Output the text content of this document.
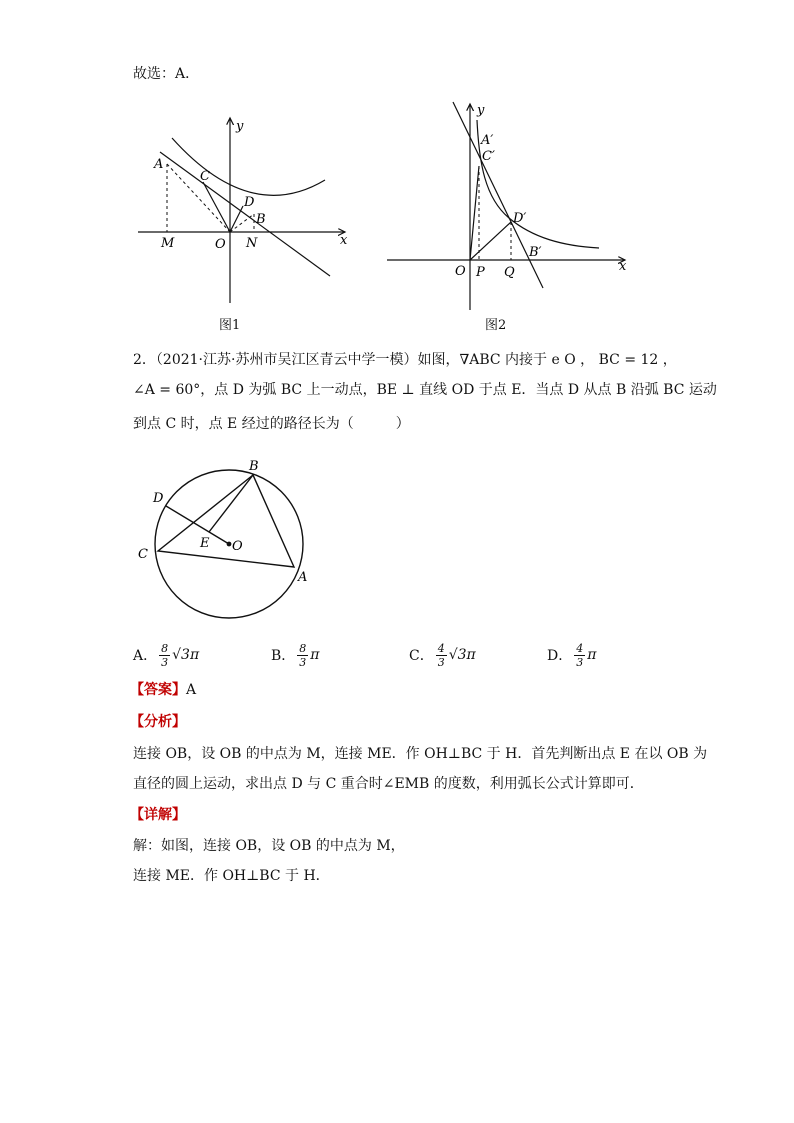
故选：A．
y
x
A
C
D
B
M	O N
图1
y
x
A′
C′
D′
B′
O P Q
图2
2．（2021·江苏·苏州市吴江区青云中学一模）如图，∇ABC 内接于 e O ， BC = 12 ，
∠A = 60°，点 D 为弧 BC 上一动点，BE ⊥ 直线 OD 于点 E．当点 D 从点 B 沿弧 BC 运动
到点 C 时，点 E 经过的路径长为（　　　）
B
D
E O
C
A
A． $\frac{8}{3} √3\pi$	B． $\frac{8}{3}$ π	C． $\frac{4}{3} √3\pi$	D． $\frac{4}{3}$ π
【答案】A
【分析】
连接 OB，设 OB 的中点为 M，连接 ME．作 OH⊥BC 于 H．首先判断出点 E 在以 OB 为
直径的圆上运动，求出点 D 与 C 重合时∠EMB 的度数，利用弧长公式计算即可．
【详解】
解：如图，连接 OB，设 OB 的中点为 M，
连接 ME．作 OH⊥BC 于 H．
